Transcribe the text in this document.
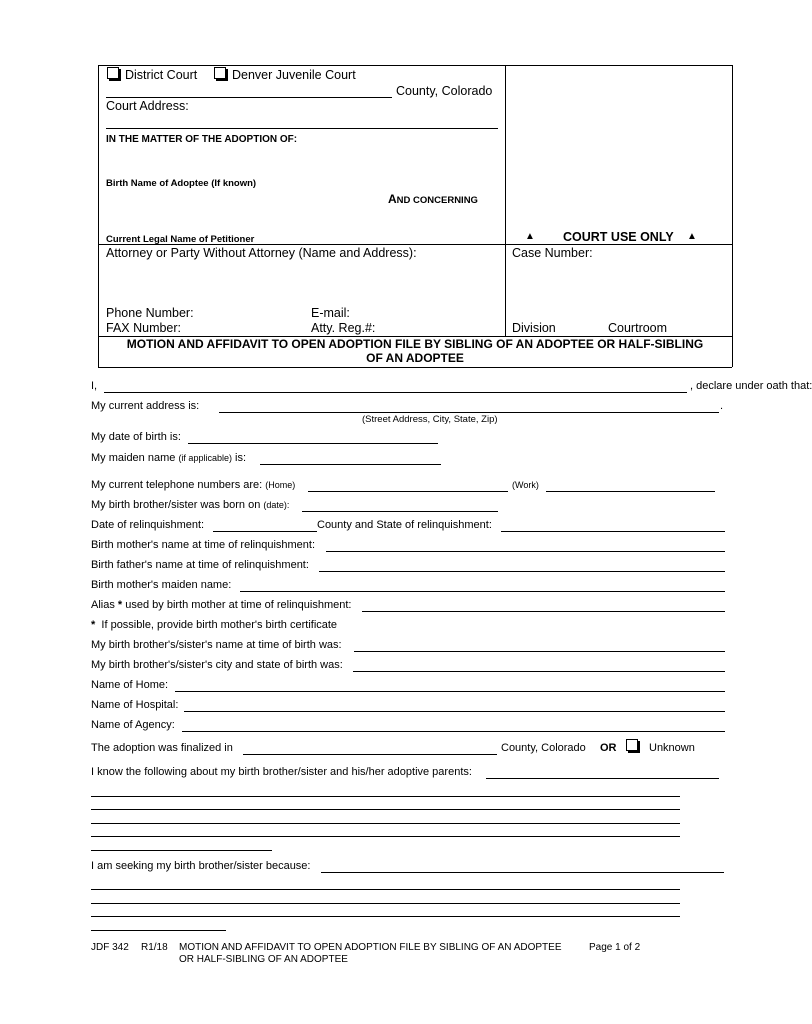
District Court	Denver Juvenile Court
County, Colorado
Court Address:
IN THE MATTER OF THE ADOPTION OF:
Birth Name of Adoptee (If known)
AND CONCERNING
Current Legal Name of Petitioner	▲ COURT USE ONLY ▲
Attorney or Party Without Attorney (Name and Address):	Case Number:
Phone Number:	E-mail:
FAX Number:	Atty. Reg.#:	Division	Courtroom
MOTION AND AFFIDAVIT TO OPEN ADOPTION FILE BY SIBLING OF AN ADOPTEE OR HALF-SIBLING
OF AN ADOPTEE
I,	, declare under oath that:
My current address is:	.
(Street Address, City, State, Zip)
My date of birth is:
My maiden name (if applicable) is:
My current telephone numbers are: (Home)	(Work)
My birth brother/sister was born on (date):
Date of relinquishment:	County and State of relinquishment:
Birth mother's name at time of relinquishment:
Birth father's name at time of relinquishment:
Birth mother's maiden name:
Alias * used by birth mother at time of relinquishment:
* If possible, provide birth mother's birth certificate
My birth brother's/sister's name at time of birth was:
My birth brother's/sister's city and state of birth was:
Name of Home:
Name of Hospital:
Name of Agency:
The adoption was finalized in	County, Colorado OR	Unknown
I know the following about my birth brother/sister and his/her adoptive parents:
I am seeking my birth brother/sister because:
JDF 342 R1/18 MOTION AND AFFIDAVIT TO OPEN ADOPTION FILE BY SIBLING OF AN ADOPTEE	Page 1 of 2
OR HALF-SIBLING OF AN ADOPTEE
